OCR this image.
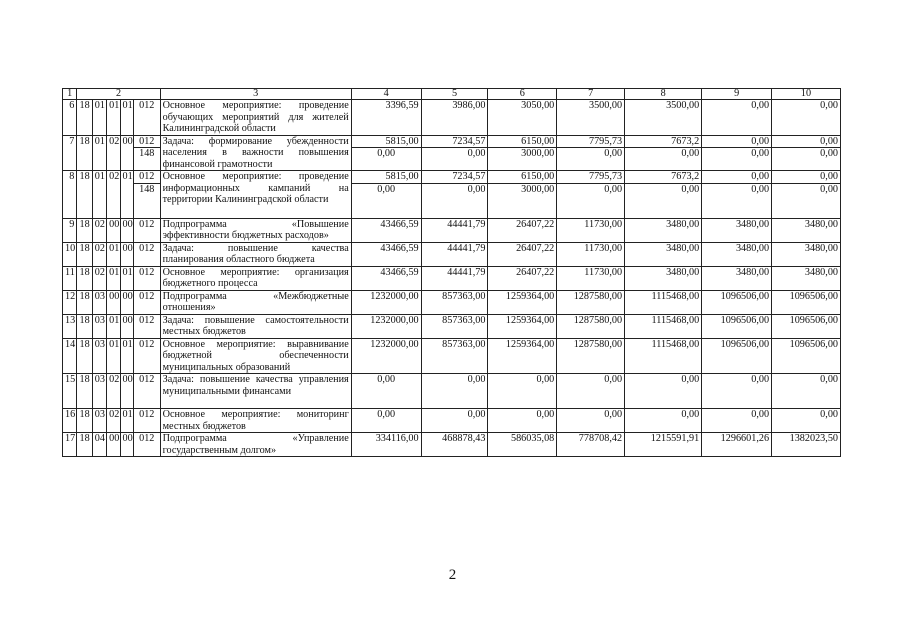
1	2					3	4	5	6	7	8	9	10
6	18	01	01	01	012	Основное мероприятие: проведение обучающих мероприятий для жителей Калининградской области	3396,59	3986,00	3050,00	3500,00	3500,00	0,00	0,00
7	18	01	02	00	012	Задача: формирование убежденности населения в важности повышения финансовой грамотности	5815,00	7234,57	6150,00	7795,73	7673,2	0,00	0,00
					148		0,00	0,00	3000,00	0,00	0,00	0,00	0,00
8	18	01	02	01	012	Основное мероприятие: проведение информационных кампаний на территории Калининградской области	5815,00	7234,57	6150,00	7795,73	7673,2	0,00	0,00
					148		0,00	0,00	3000,00	0,00	0,00	0,00	0,00
9	18	02	00	00	012	Подпрограмма «Повышение эффективности бюджетных расходов»	43466,59	44441,79	26407,22	11730,00	3480,00	3480,00	3480,00
10	18	02	01	00	012	Задача: повышение качества планирования областного бюджета	43466,59	44441,79	26407,22	11730,00	3480,00	3480,00	3480,00
11	18	02	01	01	012	Основное мероприятие: организация бюджетного процесса	43466,59	44441,79	26407,22	11730,00	3480,00	3480,00	3480,00
12	18	03	00	00	012	Подпрограмма «Межбюджетные отношения»	1232000,00	857363,00	1259364,00	1287580,00	1115468,00	1096506,00	1096506,00
13	18	03	01	00	012	Задача: повышение самостоятельности местных бюджетов	1232000,00	857363,00	1259364,00	1287580,00	1115468,00	1096506,00	1096506,00
14	18	03	01	01	012	Основное мероприятие: выравнивание бюджетной обеспеченности муниципальных образований	1232000,00	857363,00	1259364,00	1287580,00	1115468,00	1096506,00	1096506,00
15	18	03	02	00	012	Задача: повышение качества управления муниципальными финансами	0,00	0,00	0,00	0,00	0,00	0,00	0,00
16	18	03	02	01	012	Основное мероприятие: мониторинг местных бюджетов	0,00	0,00	0,00	0,00	0,00	0,00	0,00
17	18	04	00	00	012	Подпрограмма «Управление государственным долгом»	334116,00	468878,43	586035,08	778708,42	1215591,91	1296601,26	1382023,50
2
